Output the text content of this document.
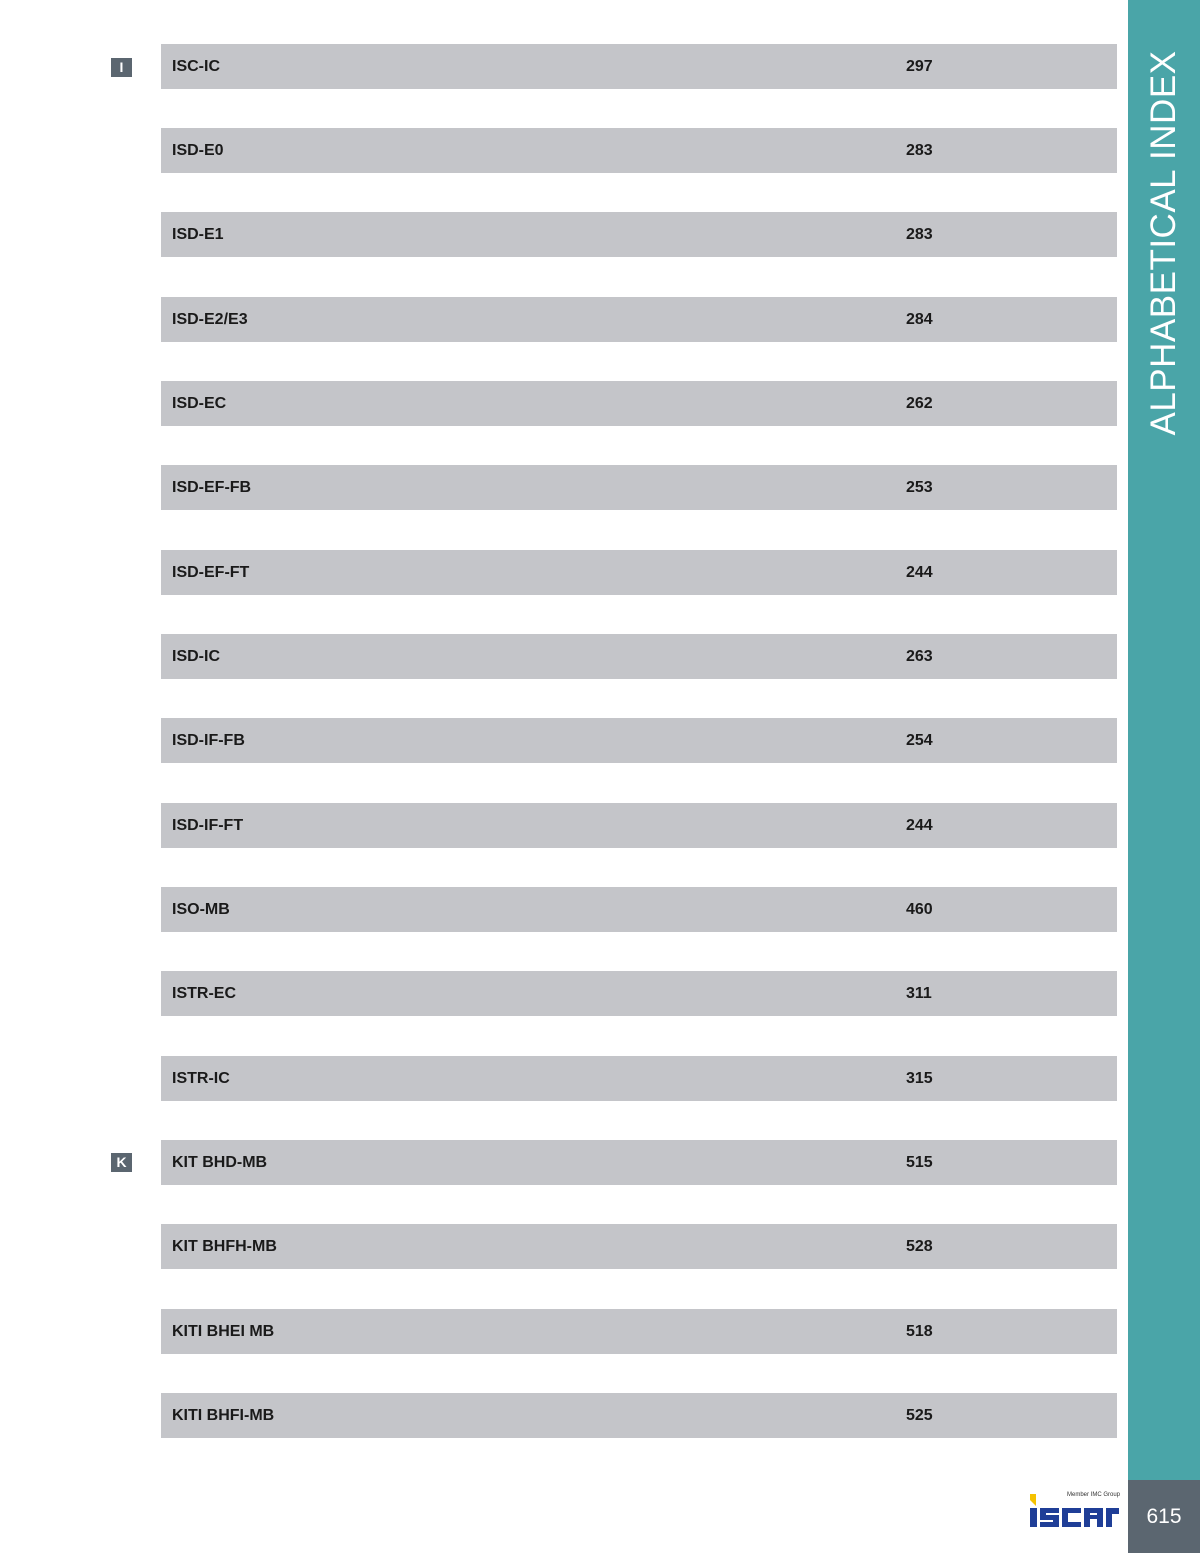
I
K
ISC-IC	297
ISD-E0	283
ISD-E1	283
ISD-E2/E3	284
ISD-EC	262
ISD-EF-FB	253
ISD-EF-FT	244
ISD-IC	263
ISD-IF-FB	254
ISD-IF-FT	244
ISO-MB	460
ISTR-EC	311
ISTR-IC	315
KIT BHD-MB	515
KIT BHFH-MB	528
KITI BHEI MB	518
KITI BHFI-MB	525
ALPHABETICAL INDEX
615
Member IMC Group
